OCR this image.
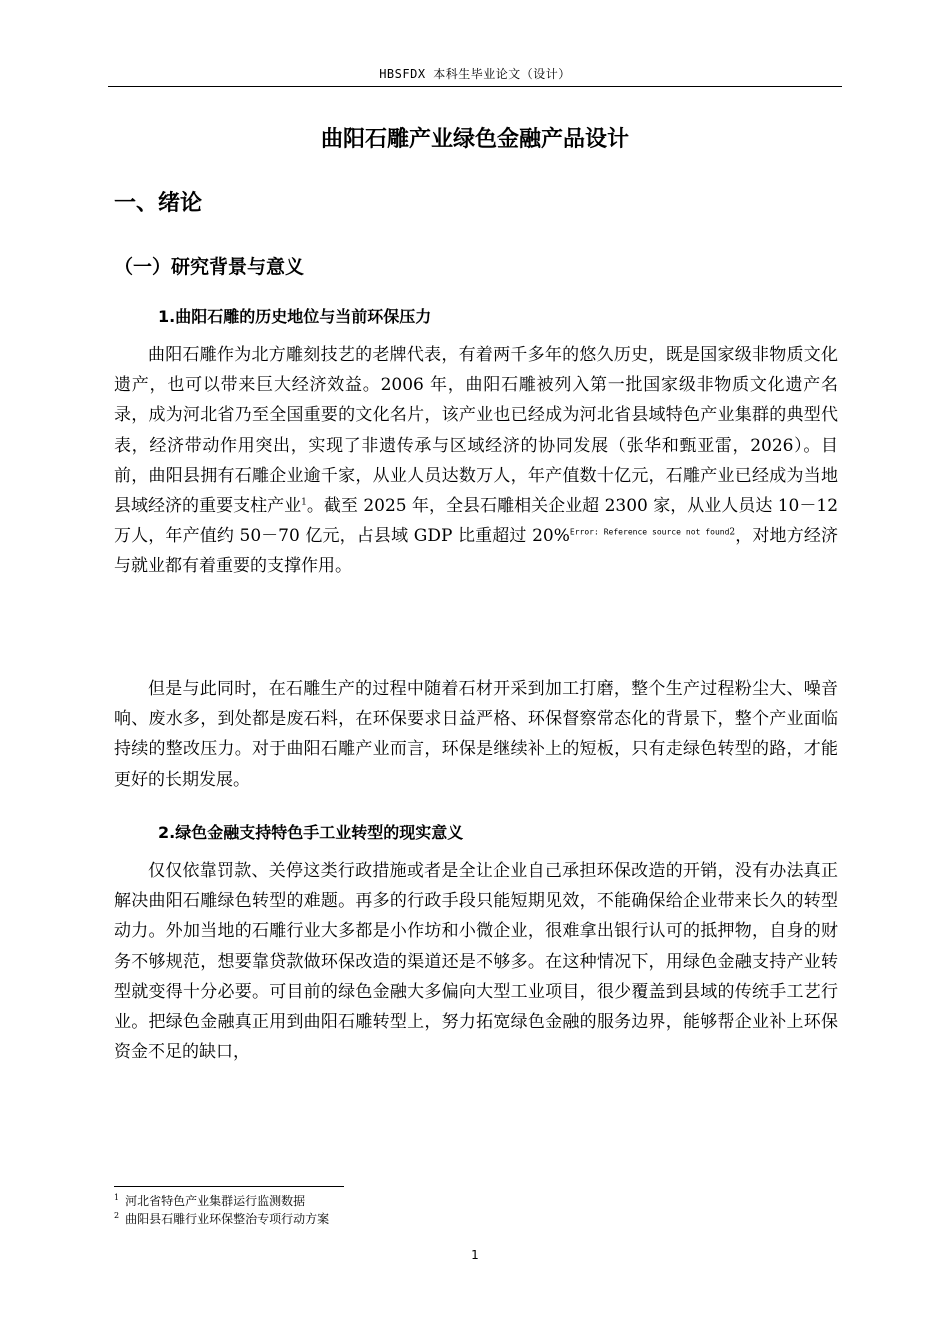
HBSFDX 本科生毕业论文（设计）
曲阳石雕产业绿色金融产品设计
一、绪论
（一）研究背景与意义
1.曲阳石雕的历史地位与当前环保压力

曲阳石雕作为北方雕刻技艺的老牌代表，有着两千多年的悠久历史，既是国家级非物质文化遗产，也可以带来巨大经济效益。2006 年，曲阳石雕被列入第一批国家级非物质文化遗产名录，成为河北省乃至全国重要的文化名片，该产业也已经成为河北省县域特色产业集群的典型代表，经济带动作用突出，实现了非遗传承与区域经济的协同发展（张华和甄亚雷，2026）。目前，曲阳县拥有石雕企业逾千家，从业人员达数万人，年产值数十亿元，石雕产业已经成为当地县域经济的重要支柱产业$^1$。截至 2025 年，全县石雕相关企业超 2300 家，从业人员达 10－12 万人，年产值约 50－70 亿元，占县域 GDP 比重超过 20%$^{Error: Reference source not found2}$，对地方经济与就业都有着重要的支撑作用。

但是与此同时，在石雕生产的过程中随着石材开采到加工打磨，整个生产过程粉尘大、噪音响、废水多，到处都是废石料，在环保要求日益严格、环保督察常态化的背景下，整个产业面临持续的整改压力。对于曲阳石雕产业而言，环保是继续补上的短板，只有走绿色转型的路，才能更好的长期发展。

2.绿色金融支持特色手工业转型的现实意义

仅仅依靠罚款、关停这类行政措施或者是全让企业自己承担环保改造的开销，没有办法真正解决曲阳石雕绿色转型的难题。再多的行政手段只能短期见效，不能确保给企业带来长久的转型动力。外加当地的石雕行业大多都是小作坊和小微企业，很难拿出银行认可的抵押物，自身的财务不够规范，想要靠贷款做环保改造的渠道还是不够多。在这种情况下，用绿色金融支持产业转型就变得十分必要。可目前的绿色金融大多偏向大型工业项目，很少覆盖到县域的传统手工艺行业。把绿色金融真正用到曲阳石雕转型上，努力拓宽绿色金融的服务边界，能够帮企业补上环保资金不足的缺口，

$^1$ 河北省特色产业集群运行监测数据
$^2$ 曲阳县石雕行业环保整治专项行动方案
1
